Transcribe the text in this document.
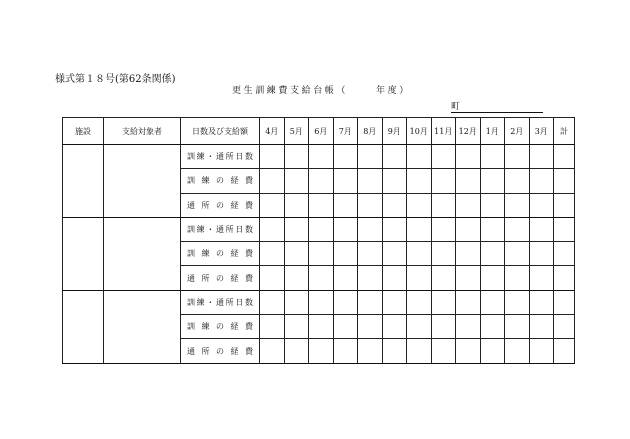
様式第１８号(第62条関係)
更生訓練費支給台帳（	年度）
町
施設	支給対象者	日数及び支給額	4月	5月	6月	7月	8月	9月	10月	11月	12月	1月	2月	3月	計

		訓練・通所日数													

		訓練の経費													

		通所の経費													

		訓練・通所日数													

		訓練の経費													

		通所の経費													

		訓練・通所日数													

		訓練の経費													

		通所の経費													
